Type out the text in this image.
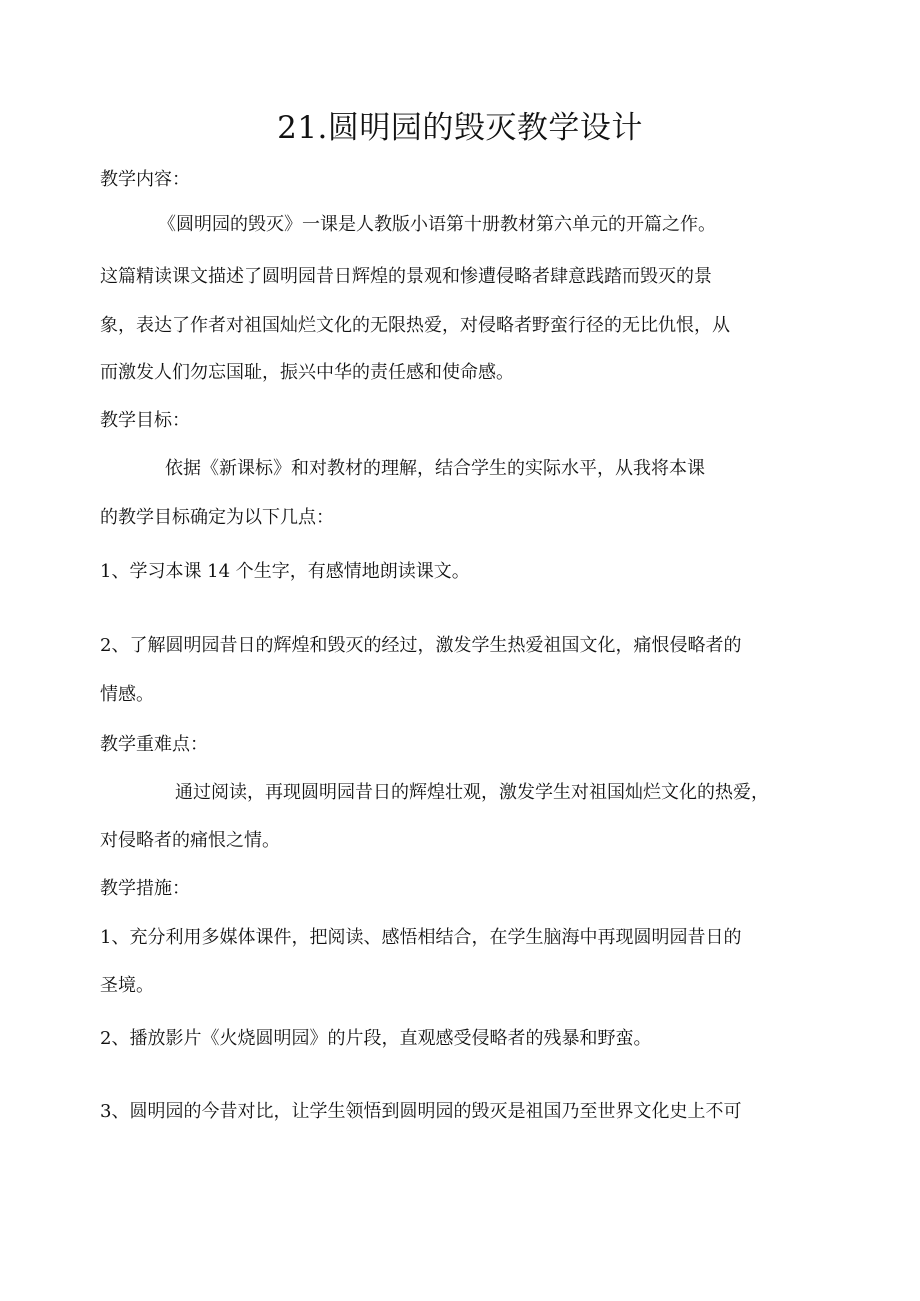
21.圆明园的毁灭教学设计
教学内容：
《圆明园的毁灭》一课是人教版小语第十册教材第六单元的开篇之作。
这篇精读课文描述了圆明园昔日辉煌的景观和惨遭侵略者肆意践踏而毁灭的景
象，表达了作者对祖国灿烂文化的无限热爱，对侵略者野蛮行径的无比仇恨，从
而激发人们勿忘国耻，振兴中华的责任感和使命感。
教学目标：
依据《新课标》和对教材的理解，结合学生的实际水平，从我将本课
的教学目标确定为以下几点：
1、学习本课 14 个生字，有感情地朗读课文。
2、了解圆明园昔日的辉煌和毁灭的经过，激发学生热爱祖国文化，痛恨侵略者的
情感。
教学重难点：
通过阅读，再现圆明园昔日的辉煌壮观，激发学生对祖国灿烂文化的热爱，
对侵略者的痛恨之情。
教学措施：
1、充分利用多媒体课件，把阅读、感悟相结合，在学生脑海中再现圆明园昔日的
圣境。
2、播放影片《火烧圆明园》的片段，直观感受侵略者的残暴和野蛮。
3、圆明园的今昔对比，让学生领悟到圆明园的毁灭是祖国乃至世界文化史上不可
